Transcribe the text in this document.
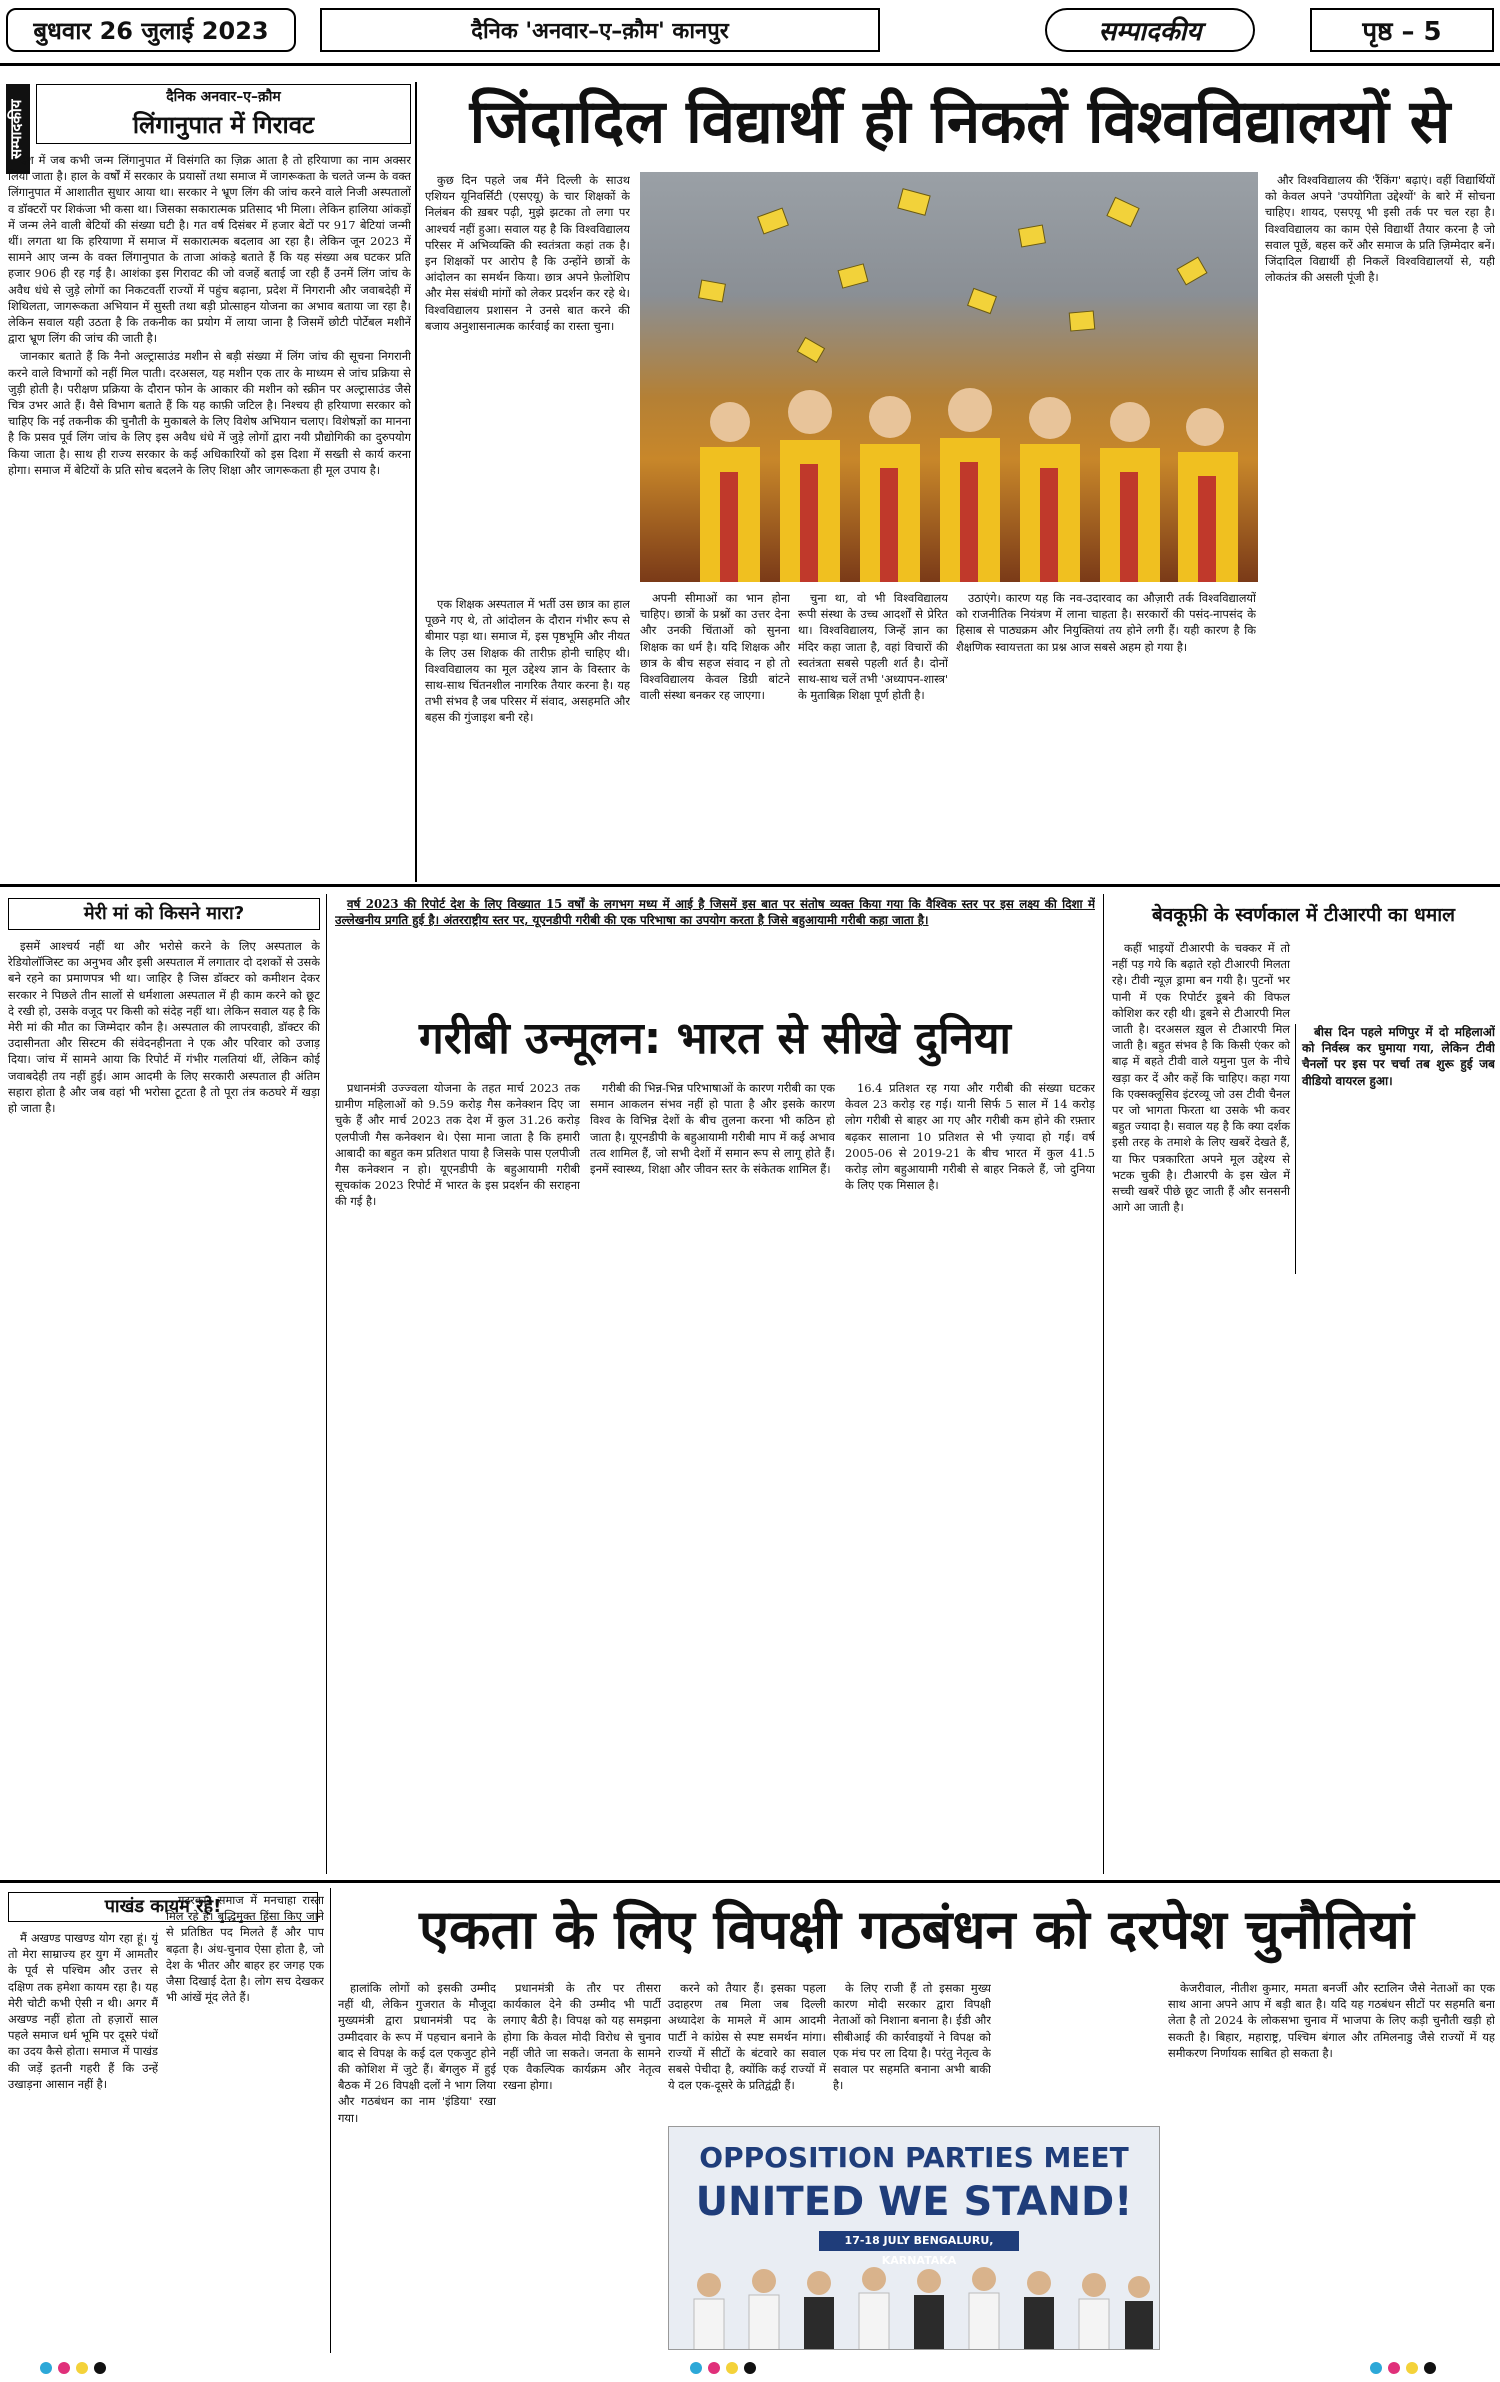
बुधवार 26 जुलाई 2023	दैनिक 'अनवार–ए–क़ौम' कानपुर	सम्पादकीय	पृष्ठ – 5
सम्पादकीय
दैनिक अनवार–ए–क़ौम
लिंगानुपात में गिरावट

देश में जब कभी जन्म लिंगानुपात में विसंगति का ज़िक्र आता है तो हरियाणा का नाम अक्सर लिया जाता है। हाल के वर्षों में सरकार के प्रयासों तथा समाज में जागरूकता के चलते जन्म के वक्त लिंगानुपात में आशातीत सुधार आया था। सरकार ने भ्रूण लिंग की जांच करने वाले निजी अस्पतालों व डॉक्टरों पर शिकंजा भी कसा था। जिसका सकारात्मक प्रतिसाद भी मिला। लेकिन हालिया आंकड़ों में जन्म लेने वाली बेटियों की संख्या घटी है। गत वर्ष दिसंबर में हजार बेटों पर 917 बेटियां जन्मी थीं। लगता था कि हरियाणा में समाज में सकारात्मक बदलाव आ रहा है। लेकिन जून 2023 में सामने आए जन्म के वक्त लिंगानुपात के ताजा आंकड़े बताते हैं कि यह संख्या अब घटकर प्रति हजार 906 ही रह गई है। आशंका इस गिरावट की जो वजहें बताई जा रही हैं उनमें लिंग जांच के अवैध धंधे से जुड़े लोगों का निकटवर्ती राज्यों में पहुंच बढ़ाना, प्रदेश में निगरानी और जवाबदेही में शिथिलता, जागरूकता अभियान में सुस्ती तथा बड़ी प्रोत्साहन योजना का अभाव बताया जा रहा है। लेकिन सवाल यही उठता है कि तकनीक का प्रयोग में लाया जाना है जिसमें छोटी पोर्टेबल मशीनें द्वारा भ्रूण लिंग की जांच की जाती है।

जानकार बताते हैं कि नैनो अल्ट्रासाउंड मशीन से बड़ी संख्या में लिंग जांच की सूचना निगरानी करने वाले विभागों को नहीं मिल पाती। दरअसल, यह मशीन एक तार के माध्यम से जांच प्रक्रिया से जुड़ी होती है। परीक्षण प्रक्रिया के दौरान फोन के आकार की मशीन को स्क्रीन पर अल्ट्रासाउंड जैसे चित्र उभर आते हैं। वैसे विभाग बताते हैं कि यह काफ़ी जटिल है। निश्चय ही हरियाणा सरकार को चाहिए कि नई तकनीक की चुनौती के मुकाबले के लिए विशेष अभियान चलाए। विशेषज्ञों का मानना है कि प्रसव पूर्व लिंग जांच के लिए इस अवैध धंधे में जुड़े लोगों द्वारा नयी प्रौद्योगिकी का दुरुपयोग किया जाता है। साथ ही राज्य सरकार के कई अधिकारियों को इस दिशा में सख्ती से कार्य करना होगा। समाज में बेटियों के प्रति सोच बदलने के लिए शिक्षा और जागरूकता ही मूल उपाय है।

जिंदादिल विद्यार्थी ही निकलें विश्वविद्यालयों से

कुछ दिन पहले जब मैंने दिल्ली के साउथ एशियन यूनिवर्सिटी (एसएयू) के चार शिक्षकों के निलंबन की ख़बर पढ़ी, मुझे झटका तो लगा पर आश्चर्य नहीं हुआ। सवाल यह है कि विश्वविद्यालय परिसर में अभिव्यक्ति की स्वतंत्रता कहां तक है। इन शिक्षकों पर आरोप है कि उन्होंने छात्रों के आंदोलन का समर्थन किया। छात्र अपने फ़ेलोशिप और मेस संबंधी मांगों को लेकर प्रदर्शन कर रहे थे। विश्वविद्यालय प्रशासन ने उनसे बात करने की बजाय अनुशासनात्मक कार्रवाई का रास्ता चुना।

एक शिक्षक अस्पताल में भर्ती उस छात्र का हाल पूछने गए थे, तो आंदोलन के दौरान गंभीर रूप से बीमार पड़ा था। समाज में, इस पृष्ठभूमि और नीयत के लिए उस शिक्षक की तारीफ़ होनी चाहिए थी। विश्वविद्यालय का मूल उद्देश्य ज्ञान के विस्तार के साथ-साथ चिंतनशील नागरिक तैयार करना है। यह तभी संभव है जब परिसर में संवाद, असहमति और बहस की गुंजाइश बनी रहे।

और विश्वविद्यालय की 'रैंकिंग' बढ़ाएं। वहीं विद्यार्थियों को केवल अपने 'उपयोगिता उद्देश्यों' के बारे में सोचना चाहिए। शायद, एसएयू भी इसी तर्क पर चल रहा है। विश्वविद्यालय का काम ऐसे विद्यार्थी तैयार करना है जो सवाल पूछें, बहस करें और समाज के प्रति ज़िम्मेदार बनें। जिंदादिल विद्यार्थी ही निकलें विश्वविद्यालयों से, यही लोकतंत्र की असली पूंजी है।

अपनी सीमाओं का भान होना चाहिए। छात्रों के प्रश्नों का उत्तर देना और उनकी चिंताओं को सुनना शिक्षक का धर्म है। यदि शिक्षक और छात्र के बीच सहज संवाद न हो तो विश्वविद्यालय केवल डिग्री बांटने वाली संस्था बनकर रह जाएगा।

चुना था, वो भी विश्वविद्यालय रूपी संस्था के उच्च आदर्शों से प्रेरित था। विश्वविद्यालय, जिन्हें ज्ञान का मंदिर कहा जाता है, वहां विचारों की स्वतंत्रता सबसे पहली शर्त है। दोनों साथ-साथ चलें तभी 'अध्यापन-शास्त्र' के मुताबिक़ शिक्षा पूर्ण होती है।

उठाएंगे। कारण यह कि नव-उदारवाद का औज़ारी तर्क विश्वविद्यालयों को राजनीतिक नियंत्रण में लाना चाहता है। सरकारों की पसंद-नापसंद के हिसाब से पाठ्यक्रम और नियुक्तियां तय होने लगी हैं। यही कारण है कि शैक्षणिक स्वायत्तता का प्रश्न आज सबसे अहम हो गया है।

मेरी मां को किसने मारा?

इसमें आश्चर्य नहीं था और भरोसे करने के लिए अस्पताल के रेडियोलॉजिस्ट का अनुभव और इसी अस्पताल में लगातार दो दशकों से उसके बने रहने का प्रमाणपत्र भी था। जाहिर है जिस डॉक्टर को कमीशन देकर सरकार ने पिछले तीन सालों से धर्मशाला अस्पताल में ही काम करने को छूट दे रखी हो, उसके वजूद पर किसी को संदेह नहीं था। लेकिन सवाल यह है कि मेरी मां की मौत का जिम्मेदार कौन है। अस्पताल की लापरवाही, डॉक्टर की उदासीनता और सिस्टम की संवेदनहीनता ने एक और परिवार को उजाड़ दिया। जांच में सामने आया कि रिपोर्ट में गंभीर गलतियां थीं, लेकिन कोई जवाबदेही तय नहीं हुई। आम आदमी के लिए सरकारी अस्पताल ही अंतिम सहारा होता है और जब वहां भी भरोसा टूटता है तो पूरा तंत्र कठघरे में खड़ा हो जाता है।

वर्ष 2023 की रिपोर्ट देश के लिए विख्यात 15 वर्षों के लगभग मध्य में आई है जिसमें इस बात पर संतोष व्यक्त किया गया कि वैश्विक स्तर पर इस लक्ष्य की दिशा में उल्लेखनीय प्रगति हुई है। अंतरराष्ट्रीय स्तर पर, यूएनडीपी गरीबी की एक परिभाषा का उपयोग करता है जिसे बहुआयामी गरीबी कहा जाता है।

गरीबी उन्मूलन: भारत से सीखे दुनिया

प्रधानमंत्री उज्ज्वला योजना के तहत मार्च 2023 तक ग्रामीण महिलाओं को 9.59 करोड़ गैस कनेक्शन दिए जा चुके हैं और मार्च 2023 तक देश में कुल 31.26 करोड़ एलपीजी गैस कनेक्शन थे। ऐसा माना जाता है कि हमारी आबादी का बहुत कम प्रतिशत पाया है जिसके पास एलपीजी गैस कनेक्शन न हो। यूएनडीपी के बहुआयामी गरीबी सूचकांक 2023 रिपोर्ट में भारत के इस प्रदर्शन की सराहना की गई है।

गरीबी की भिन्न-भिन्न परिभाषाओं के कारण गरीबी का एक समान आकलन संभव नहीं हो पाता है और इसके कारण विश्व के विभिन्न देशों के बीच तुलना करना भी कठिन हो जाता है। यूएनडीपी के बहुआयामी गरीबी माप में कई अभाव तत्व शामिल हैं, जो सभी देशों में समान रूप से लागू होते हैं। इनमें स्वास्थ्य, शिक्षा और जीवन स्तर के संकेतक शामिल हैं।

16.4 प्रतिशत रह गया और गरीबी की संख्या घटकर केवल 23 करोड़ रह गई। यानी सिर्फ 5 साल में 14 करोड़ लोग गरीबी से बाहर आ गए और गरीबी कम होने की रफ़्तार बढ़कर सालाना 10 प्रतिशत से भी ज़्यादा हो गई। वर्ष 2005-06 से 2019-21 के बीच भारत में कुल 41.5 करोड़ लोग बहुआयामी गरीबी से बाहर निकले हैं, जो दुनिया के लिए एक मिसाल है।

बेवकूफ़ी के स्वर्णकाल में टीआरपी का धमाल

बीस दिन पहले मणिपुर में दो महिलाओं को निर्वस्त्र कर घुमाया गया, लेकिन टीवी चैनलों पर इस पर चर्चा तब शुरू हुई जब वीडियो वायरल हुआ।

कहीं भाइयों टीआरपी के चक्कर में तो नहीं पड़ गये कि बढ़ाते रहो टीआरपी मिलता रहे। टीवी न्यूज़ ड्रामा बन गयी है। पुटनों भर पानी में एक रिपोर्टर डूबने की विफल कोशिश कर रही थी। डूबने से टीआरपी मिल जाती है। दरअसल ख़ुल से टीआरपी मिल जाती है। बहुत संभव है कि किसी एंकर को बाढ़ में बहते टीवी वाले यमुना पुल के नीचे खड़ा कर दें और कहें कि चाहिए। कहा गया कि एक्सक्लूसिव इंटरव्यू जो उस टीवी चैनल पर जो भागता फिरता था उसके भी कवर बहुत ज्यादा है। सवाल यह है कि क्या दर्शक इसी तरह के तमाशे के लिए खबरें देखते हैं, या फिर पत्रकारिता अपने मूल उद्देश्य से भटक चुकी है। टीआरपी के इस खेल में सच्ची खबरें पीछे छूट जाती हैं और सनसनी आगे आ जाती है।

पाखंड कायम रहे!

मैं अखण्ड पाखण्ड योग रहा हूं। यूं तो मेरा साम्राज्य हर युग में आमतौर के पूर्व से पश्चिम और उत्तर से दक्षिण तक हमेशा कायम रहा है। यह मेरी चोटी कभी ऐसी न थी। अगर मैं अखण्ड नहीं होता तो हज़ारों साल पहले समाज धर्म भूमि पर दूसरे पंथों का उदय कैसे होता। समाज में पाखंड की जड़ें इतनी गहरी हैं कि उन्हें उखाड़ना आसान नहीं है।

गटरकार समाज में मनचाहा रास्ता मिल रहे हैं। बुद्धिमुक्त हिंसा किए जाने से प्रतिष्ठित पद मिलते हैं और पाप बढ़ता है। अंध-चुनाव ऐसा होता है, जो देश के भीतर और बाहर हर जगह एक जैसा दिखाई देता है। लोग सच देखकर भी आंखें मूंद लेते हैं।

एकता के लिए विपक्षी गठबंधन को दरपेश चुनौतियां

हालांकि लोगों को इसकी उम्मीद नहीं थी, लेकिन गुजरात के मौजूदा मुख्यमंत्री द्वारा प्रधानमंत्री पद के उम्मीदवार के रूप में पहचान बनाने के बाद से विपक्ष के कई दल एकजुट होने की कोशिश में जुटे हैं। बेंगलुरु में हुई बैठक में 26 विपक्षी दलों ने भाग लिया और गठबंधन का नाम 'इंडिया' रखा गया।

प्रधानमंत्री के तौर पर तीसरा कार्यकाल देने की उम्मीद भी पार्टी लगाए बैठी है। विपक्ष को यह समझना होगा कि केवल मोदी विरोध से चुनाव नहीं जीते जा सकते। जनता के सामने एक वैकल्पिक कार्यक्रम और नेतृत्व रखना होगा।

करने को तैयार हैं। इसका पहला उदाहरण तब मिला जब दिल्ली अध्यादेश के मामले में आम आदमी पार्टी ने कांग्रेस से स्पष्ट समर्थन मांगा। राज्यों में सीटों के बंटवारे का सवाल सबसे पेचीदा है, क्योंकि कई राज्यों में ये दल एक-दूसरे के प्रतिद्वंद्वी हैं।

के लिए राजी हैं तो इसका मुख्य कारण मोदी सरकार द्वारा विपक्षी नेताओं को निशाना बनाना है। ईडी और सीबीआई की कार्रवाइयों ने विपक्ष को एक मंच पर ला दिया है। परंतु नेतृत्व के सवाल पर सहमति बनाना अभी बाकी है।

केजरीवाल, नीतीश कुमार, ममता बनर्जी और स्टालिन जैसे नेताओं का एक साथ आना अपने आप में बड़ी बात है। यदि यह गठबंधन सीटों पर सहमति बना लेता है तो 2024 के लोकसभा चुनाव में भाजपा के लिए कड़ी चुनौती खड़ी हो सकती है। बिहार, महाराष्ट्र, पश्चिम बंगाल और तमिलनाडु जैसे राज्यों में यह समीकरण निर्णायक साबित हो सकता है।

OPPOSITION PARTIES MEET
UNITED WE STAND!
17-18 JULY BENGALURU, KARNATAKA
